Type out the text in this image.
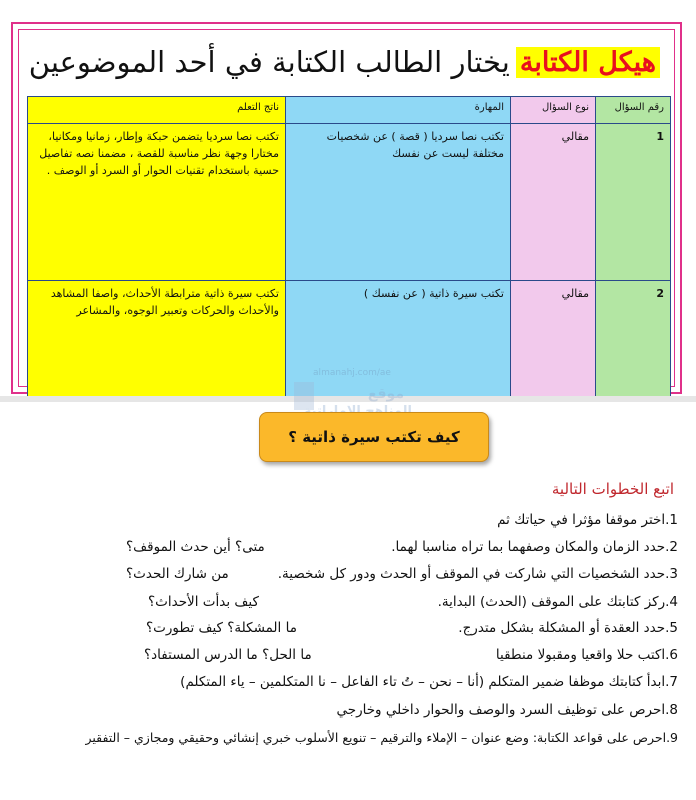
هيكل الكتابة
يختار الطالب الكتابة في أحد الموضوعين
رقم السؤال	نوع السؤال	المهارة	ناتج التعلم
1	مقالي	تكتب نصا سرديا ( قصة ) عن شخصيات مختلفة ليست عن نفسك	تكتب نصا سرديا يتضمن حبكة وإطار، زمانيا ومكانيا، مختارا وجهة نظر مناسبة للقصة ، مضمنا نصه تفاصيل حسية باستخدام تقنيات الحوار أو السرد أو الوصف .
2	مقالي	تكتب سيرة ذاتية ( عن نفسك )	تكتب سيرة ذاتية مترابطة الأحداث، واصفا المشاهد والأحداث والحركات وتعبير الوجوه، والمشاعر
almanahj.com/ae
موقع
كيف تكتب سيرة ذاتية ؟
اتبع الخطوات التالية
1.اختر موقفا مؤثرا في حياتك ثم
2.حدد الزمان والمكان وصفهما بما تراه مناسبا لهما.
متى؟ أين حدث الموقف؟
3.حدد الشخصيات التي شاركت في الموقف أو الحدث ودور كل شخصية.
من شارك الحدث؟
4.ركز كتابتك على الموقف (الحدث) البداية.
كيف بدأت الأحداث؟
5.حدد العقدة أو المشكلة بشكل متدرج.
ما المشكلة؟ كيف تطورت؟
6.اكتب حلا واقعيا ومقبولا منطقيا
ما الحل؟ ما الدرس المستفاد؟
7.ابدأ كتابتك موظفا ضمير المتكلم (أنا – نحن – تُ تاء الفاعل – نا المتكلمين – ياء المتكلم)
8.احرص على توظيف السرد والوصف والحوار داخلي وخارجي
9.احرص على قواعد الكتابة: وضع عنوان – الإملاء والترقيم – تنويع الأسلوب خبري إنشائي وحقيقي ومجازي – التفقير
